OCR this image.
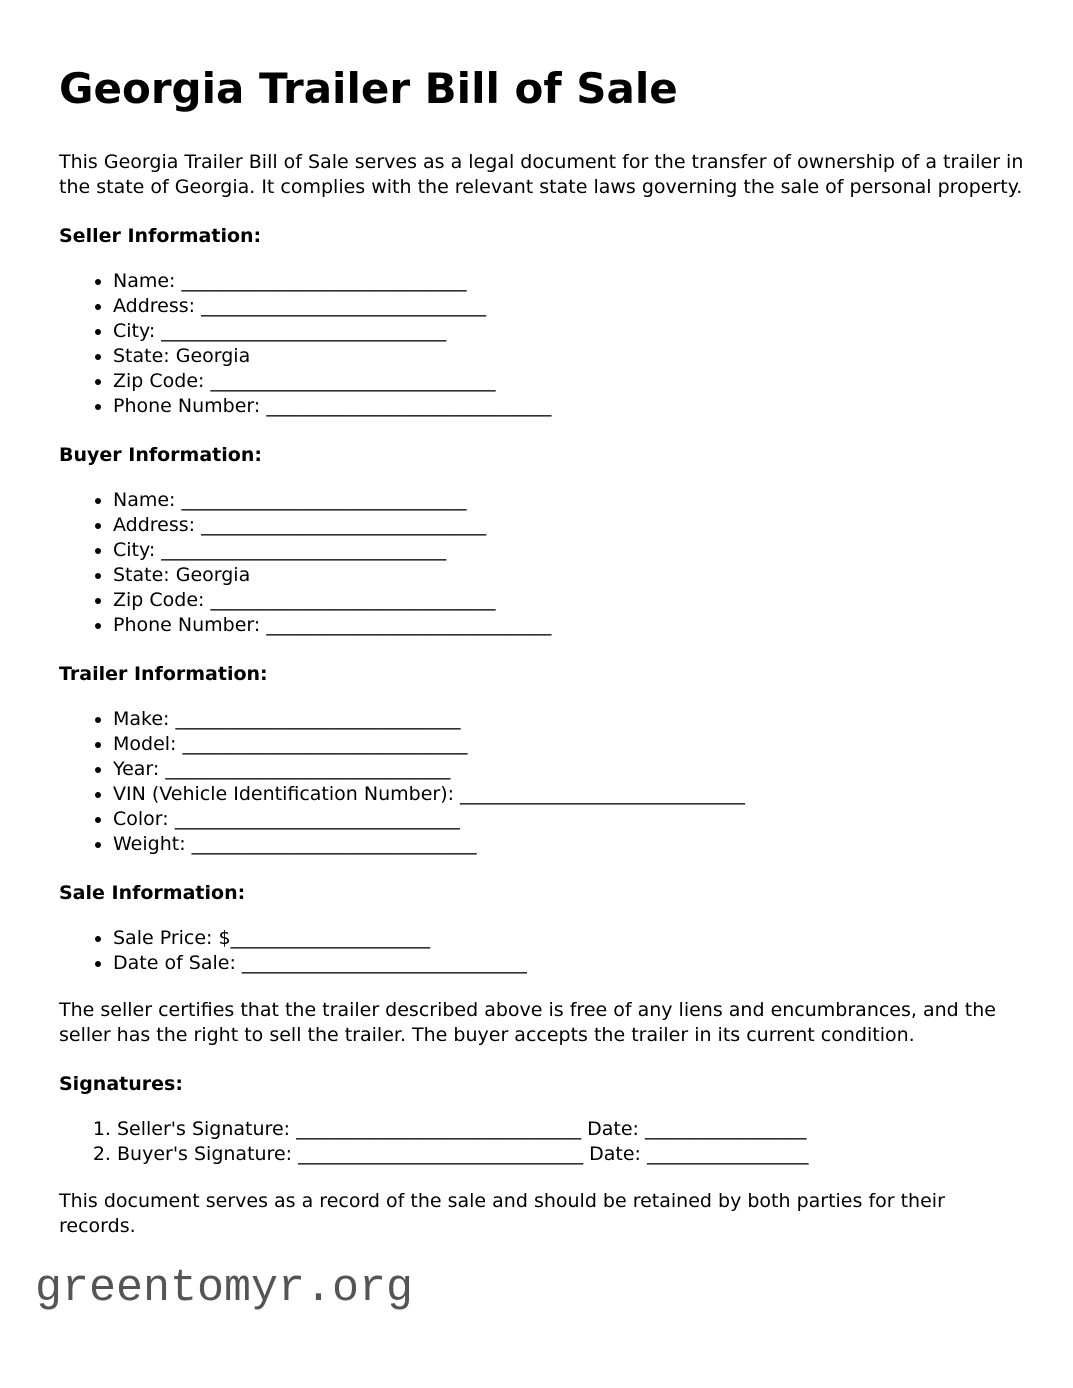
Georgia Trailer Bill of Sale

This Georgia Trailer Bill of Sale serves as a legal document for the transfer of ownership of a trailer in the state of Georgia. It complies with the relevant state laws governing the sale of personal property.

Seller Information:
• Name: ______________________________
• Address: ______________________________
• City: ______________________________
• State: Georgia
• Zip Code: ______________________________
• Phone Number: ______________________________
Buyer Information:
• Name: ______________________________
• Address: ______________________________
• City: ______________________________
• State: Georgia
• Zip Code: ______________________________
• Phone Number: ______________________________
Trailer Information:
• Make: ______________________________
• Model: ______________________________
• Year: ______________________________
• VIN (Vehicle Identification Number): ______________________________
• Color: ______________________________
• Weight: ______________________________
Sale Information:
• Sale Price: $_____________________
• Date of Sale: ______________________________

The seller certifies that the trailer described above is free of any liens and encumbrances, and the seller has the right to sell the trailer. The buyer accepts the trailer in its current condition.

Signatures:
1. Seller's Signature: ______________________________ Date: _________________
2. Buyer's Signature: ______________________________ Date: _________________

This document serves as a record of the sale and should be retained by both parties for their records.

greentomyr.org
